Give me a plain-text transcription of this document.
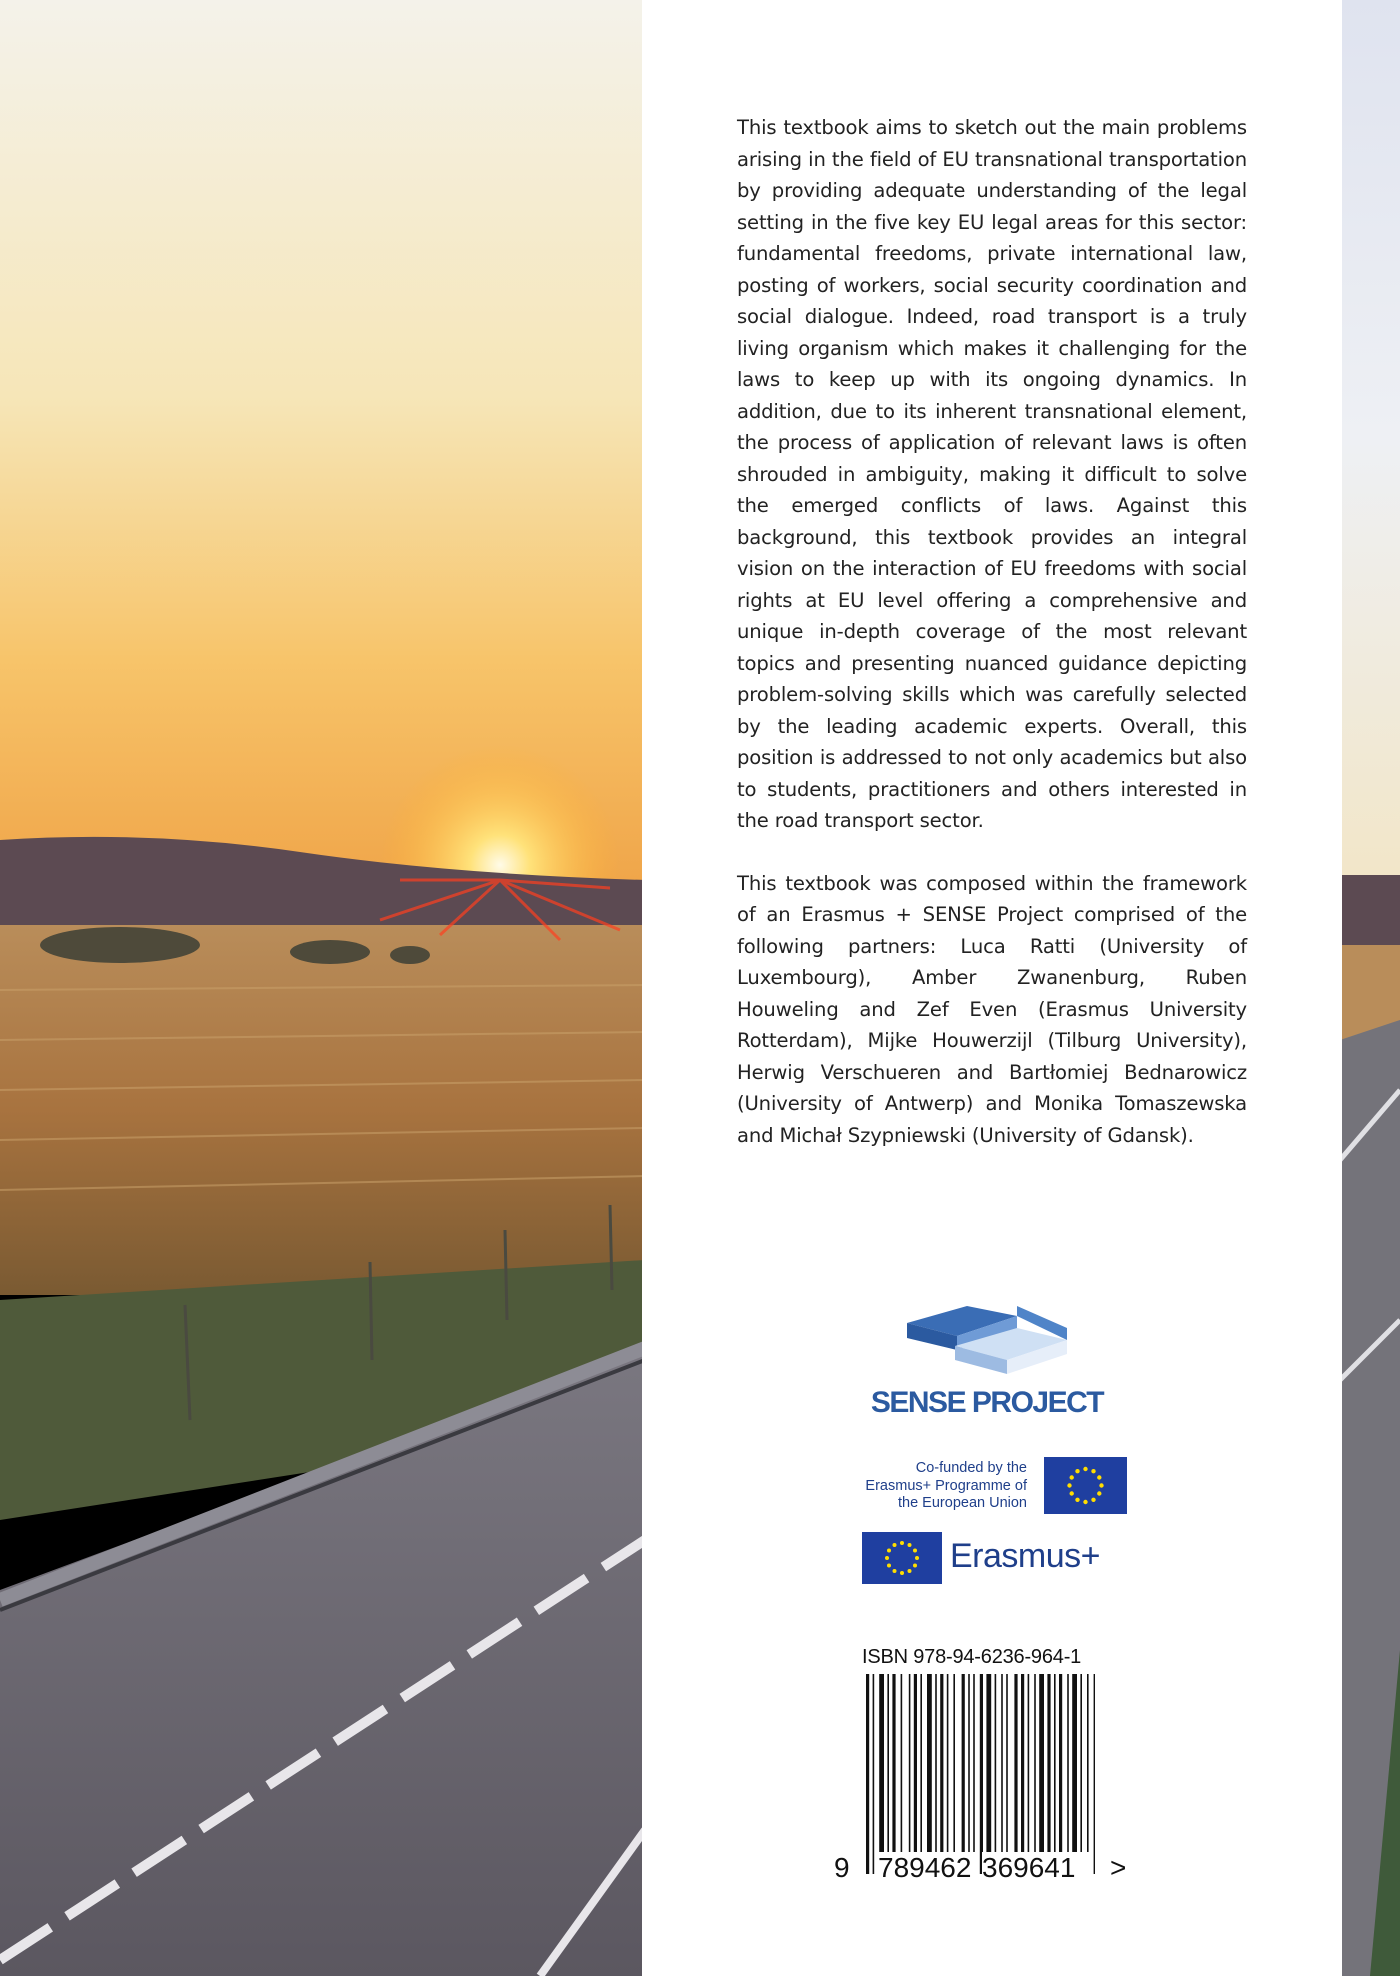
This textbook aims to sketch out the main problems arising in the field of EU transnational transportation by providing adequate understanding of the legal setting in the five key EU legal areas for this sector: fundamental freedoms, private international law, posting of workers, social security coordination and social dialogue. Indeed, road transport is a truly living organism which makes it challenging for the laws to keep up with its ongoing dynamics. In addition, due to its inherent transnational element, the process of application of relevant laws is often shrouded in ambiguity, making it difficult to solve the emerged conflicts of laws. Against this background, this textbook provides an integral vision on the interaction of EU freedoms with social rights at EU level offering a comprehensive and unique in-depth coverage of the most relevant topics and presenting nuanced guidance depicting problem-solving skills which was carefully selected by the leading academic experts. Overall, this position is addressed to not only academics but also to students, practitioners and others interested in the road transport sector.

This textbook was composed within the framework of an Erasmus + SENSE Project comprised of the following partners: Luca Ratti (University of Luxembourg), Amber Zwanenburg, Ruben Houweling and Zef Even (Erasmus University Rotterdam), Mijke Houwerzijl (Tilburg University), Herwig Verschueren and Bartłomiej Bednarowicz (University of Antwerp) and Monika Tomaszewska and Michał Szypniewski (University of Gdansk).

SENSE PROJECT
Co-funded by the Erasmus+ Programme of the European Union
Erasmus+
ISBN 978-94-6236-964-1
9 789462 369641 >
